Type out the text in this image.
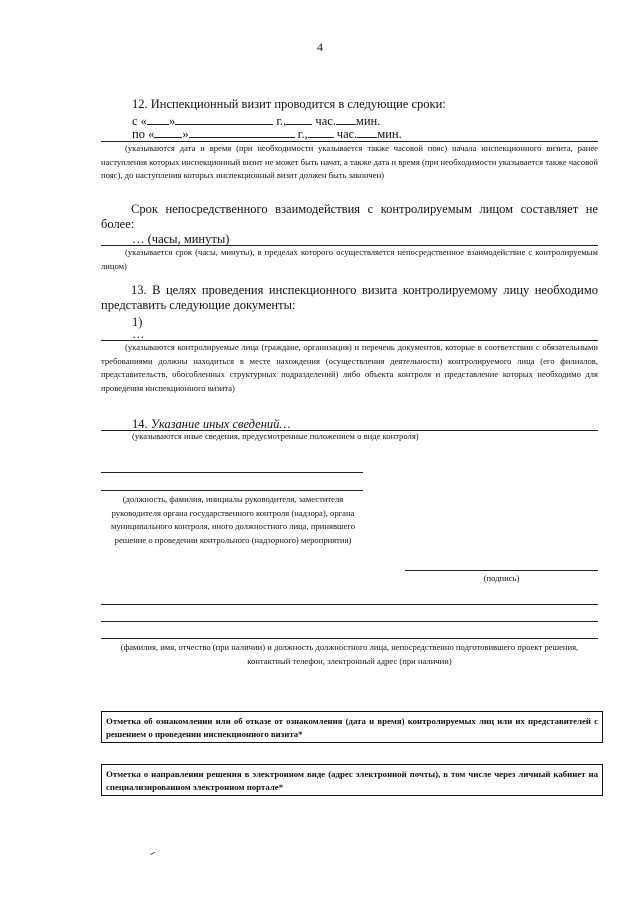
4
12. Инспекционный визит проводится в следующие сроки:
с « »	г., час. мин.
по « »	г., час. мин.
(указываются дата и время (при необходимости указывается также часовой пояс) начала инспекционного визита, ранее наступления которых инспекционный визит не может быть начат, а также дата и время (при необходимости указывается также часовой пояс), до наступления которых инспекционный визит должен быть закончен)
Срок непосредственного взаимодействия с контролируемым лицом составляет не более:
… (часы, минуты)
(указывается срок (часы, минуты), в пределах которого осуществляется непосредственное взаимодействие с контролируемым лицом)
13. В целях проведения инспекционного визита контролируемому лицу необходимо представить следующие документы:
1)
…
(указываются контролируемые лица (граждане, организация) и перечень документов, которые в соответствии с обязательными требованиями должны находиться в месте нахождения (осуществления деятельности) контролируемого лица (его филиалов, представительств, обособленных структурных подразделений) либо объекта контроля и представление которых необходимо для проведения инспекционного визита)
14. Указание иных сведений…
(указываются иные сведения, предусмотренные положением о виде контроля)
(должность, фамилия, инициалы руководителя, заместителя руководителя органа государственного контроля (надзора), органа муниципального контроля, иного должностного лица, принявшего решение о проведении контрольного (надзорного) мероприятия)
(подпись)
(фамилия, имя, отчество (при наличии) и должность должностного лица, непосредственно подготовившего проект решения, контактный телефон, электронный адрес (при наличии)
Отметка об ознакомлении или об отказе от ознакомления (дата и время) контролируемых лиц или их представителей с решением о проведении инспекционного визита*
Отметка о направлении решения в электронном виде (адрес электронной почты), в том числе через личный кабинет на специализированном электронном портале*
